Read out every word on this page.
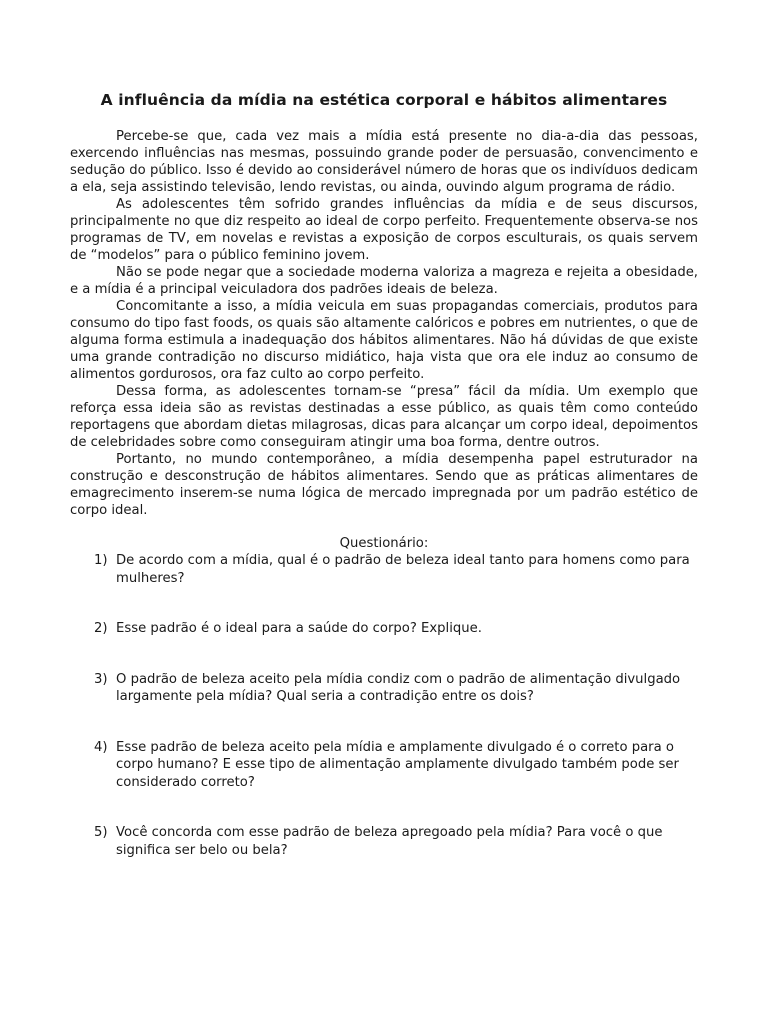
A influência da mídia na estética corporal e hábitos alimentares

Percebe-se que, cada vez mais a mídia está presente no dia-a-dia das pessoas, exercendo influências nas mesmas, possuindo grande poder de persuasão, convencimento e sedução do público. Isso é devido ao considerável número de horas que os indivíduos dedicam a ela, seja assistindo televisão, lendo revistas, ou ainda, ouvindo algum programa de rádio.

As adolescentes têm sofrido grandes influências da mídia e de seus discursos, principalmente no que diz respeito ao ideal de corpo perfeito. Frequentemente observa-se nos programas de TV, em novelas e revistas a exposição de corpos esculturais, os quais servem de “modelos” para o público feminino jovem.

Não se pode negar que a sociedade moderna valoriza a magreza e rejeita a obesidade, e a mídia é a principal veiculadora dos padrões ideais de beleza.

Concomitante a isso, a mídia veicula em suas propagandas comerciais, produtos para consumo do tipo fast foods, os quais são altamente calóricos e pobres em nutrientes, o que de alguma forma estimula a inadequação dos hábitos alimentares. Não há dúvidas de que existe uma grande contradição no discurso midiático, haja vista que ora ele induz ao consumo de alimentos gordurosos, ora faz culto ao corpo perfeito.

Dessa forma, as adolescentes tornam-se “presa” fácil da mídia. Um exemplo que reforça essa ideia são as revistas destinadas a esse público, as quais têm como conteúdo reportagens que abordam dietas milagrosas, dicas para alcançar um corpo ideal, depoimentos de celebridades sobre como conseguiram atingir uma boa forma, dentre outros.

Portanto, no mundo contemporâneo, a mídia desempenha papel estruturador na construção e desconstrução de hábitos alimentares. Sendo que as práticas alimentares de emagrecimento inserem-se numa lógica de mercado impregnada por um padrão estético de corpo ideal.

Questionário:
1) De acordo com a mídia, qual é o padrão de beleza ideal tanto para homens como para mulheres?
2) Esse padrão é o ideal para a saúde do corpo? Explique.
3) O padrão de beleza aceito pela mídia condiz com o padrão de alimentação divulgado largamente pela mídia? Qual seria a contradição entre os dois?
4) Esse padrão de beleza aceito pela mídia e amplamente divulgado é o correto para o corpo humano? E esse tipo de alimentação amplamente divulgado também pode ser considerado correto?
5) Você concorda com esse padrão de beleza apregoado pela mídia? Para você o que significa ser belo ou bela?
